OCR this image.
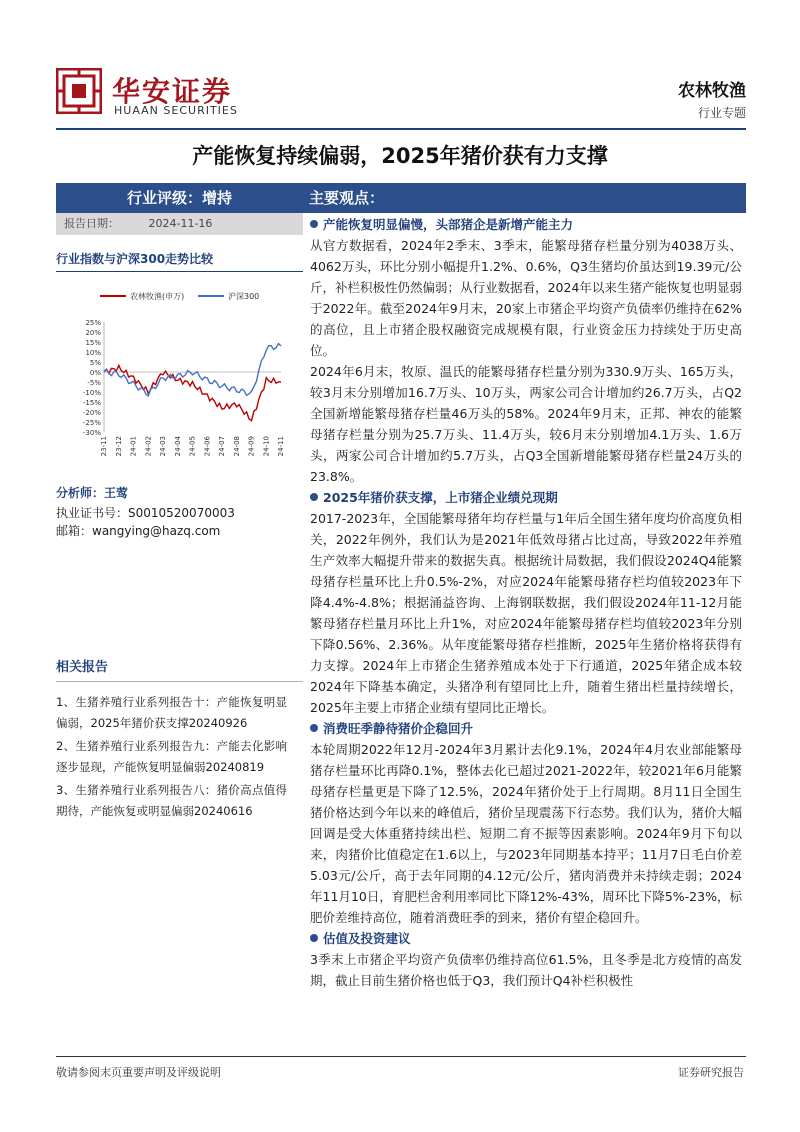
华安证券
HUAAN SECURITIES
农林牧渔
行业专题
产能恢复持续偏弱，2025年猪价获有力支撑
行业评级：增持
报告日期：	2024-11-16
行业指数与沪深300走势比较
农林牧渔(申万)	沪深300
25%
20%
15%
10%
5%
0%
-5%
-10%
-15%
-20%
-25%
-30%
23-11 23-12 24-01 24-02 24-03 24-04 24-05 24-06 24-07 24-08 24-09 24-10 24-11
分析师：王莺
执业证书号：S0010520070003
邮箱：wangying@hazq.com
相关报告
1、生猪养殖行业系列报告十：产能恢复明显偏弱，2025年猪价获支撑20240926
2、生猪养殖行业系列报告九：产能去化影响逐步显现，产能恢复明显偏弱20240819
3、生猪养殖行业系列报告八：猪价高点值得期待，产能恢复或明显偏弱20240616
主要观点：
产能恢复明显偏慢，头部猪企是新增产能主力

从官方数据看，2024年2季末、3季末，能繁母猪存栏量分别为4038万头、4062万头，环比分别小幅提升1.2%、0.6%，Q3生猪均价虽达到19.39元/公斤，补栏积极性仍然偏弱；从行业数据看，2024年以来生猪产能恢复也明显弱于2022年。截至2024年9月末，20家上市猪企平均资产负债率仍维持在62%的高位，且上市猪企股权融资完成规模有限，行业资金压力持续处于历史高位。

2024年6月末，牧原、温氏的能繁母猪存栏量分别为330.9万头、165万头，较3月末分别增加16.7万头、10万头，两家公司合计增加约26.7万头，占Q2全国新增能繁母猪存栏量46万头的58%。2024年9月末，正邦、神农的能繁母猪存栏量分别为25.7万头、11.4万头，较6月末分别增加4.1万头、1.6万头，两家公司合计增加约5.7万头，占Q3全国新增能繁母猪存栏量24万头的23.8%。

2025年猪价获支撑，上市猪企业绩兑现期

2017-2023年，全国能繁母猪年均存栏量与1年后全国生猪年度均价高度负相关，2022年例外，我们认为是2021年低效母猪占比过高，导致2022年养殖生产效率大幅提升带来的数据失真。根据统计局数据，我们假设2024Q4能繁母猪存栏量环比上升0.5%-2%，对应2024年能繁母猪存栏均值较2023年下降4.4%-4.8%；根据涌益咨询、上海钢联数据，我们假设2024年11-12月能繁母猪存栏量月环比上升1%，对应2024年能繁母猪存栏均值较2023年分别下降0.56%、2.36%。从年度能繁母猪存栏推断，2025年生猪价格将获得有力支撑。2024年上市猪企生猪养殖成本处于下行通道，2025年猪企成本较2024年下降基本确定，头猪净利有望同比上升，随着生猪出栏量持续增长，2025年主要上市猪企业绩有望同比正增长。

消费旺季静待猪价企稳回升

本轮周期2022年12月-2024年3月累计去化9.1%，2024年4月农业部能繁母猪存栏量环比再降0.1%，整体去化已超过2021-2022年，较2021年6月能繁母猪存栏量更是下降了12.5%，2024年猪价处于上行周期。8月11日全国生猪价格达到今年以来的峰值后，猪价呈现震荡下行态势。我们认为，猪价大幅回调是受大体重猪持续出栏、短期二育不振等因素影响。2024年9月下旬以来，肉猪价比值稳定在1.6以上，与2023年同期基本持平；11月7日毛白价差5.03元/公斤，高于去年同期的4.12元/公斤，猪肉消费并未持续走弱；2024年11月10日，育肥栏舍利用率同比下降12%-43%，周环比下降5%-23%，标肥价差维持高位，随着消费旺季的到来，猪价有望企稳回升。

估值及投资建议

3季末上市猪企平均资产负债率仍维持高位61.5%，且冬季是北方疫情的高发期，截止目前生猪价格也低于Q3，我们预计Q4补栏积极性

敬请参阅末页重要声明及评级说明	证券研究报告
